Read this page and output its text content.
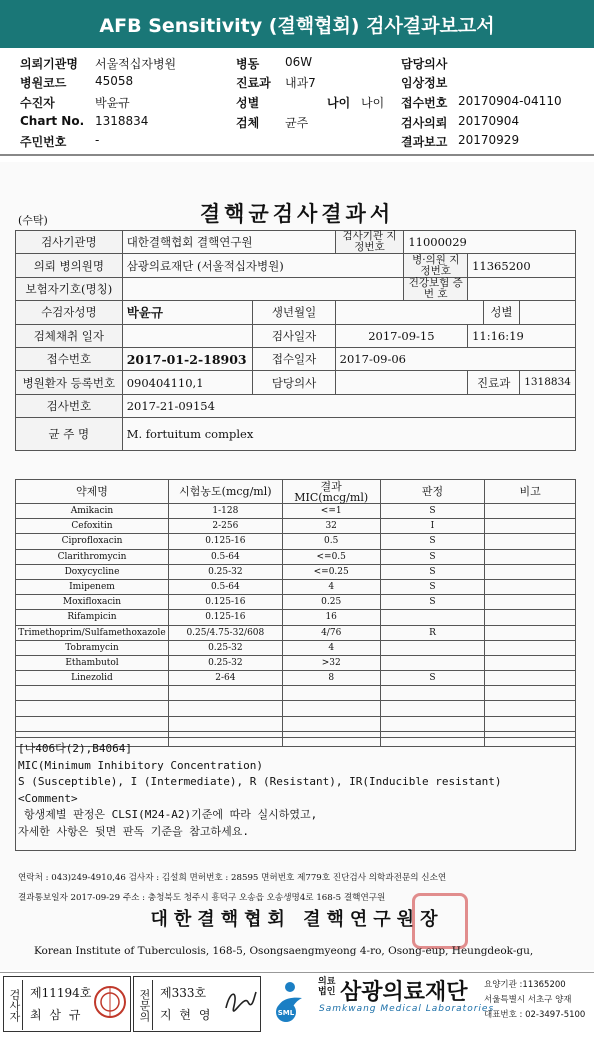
AFB Sensitivity (결핵협회) 검사결과보고서
의뢰기관명 서울적십자병원
병원코드 45058
수진자	박윤규
Chart No. 1318834
주민번호 -
병동 06W
진료과 내과7
성별	나이 나이
검체 균주
담당의사
임상정보
접수번호 20170904-04110
검사의뢰 20170904
결과보고 20170929
(수탁)	결핵균검사결과서
검사기관명	대한결핵협회 결핵연구원		검사기관 지정번호	11000029			
의뢰 병의원명	삼광의료재단 (서울적십자병원)			병·의원 지정번호	11365200		
보험자기호(명칭)				건강보험 증 번 호			
수검자성명	박윤규	생년월일				성별	
검체채취 일자		검사일자	2017-09-15		11:16:19		
접수번호	2017-01-2-18903	접수일자	2017-09-06				
병원환자 등록번호	090404110,1	담당의사			진료과		1318834
검사번호	2017-21-09154						
균 주 명	M. fortuitum complex						
약제명	시험농도(mcg/ml)	결과 MIC(mcg/ml)	판정	비고
Amikacin	1-128	<=1	S	
Cefoxitin	2-256	32	I	
Ciprofloxacin	0.125-16	0.5	S	
Clarithromycin	0.5-64	<=0.5	S	
Doxycycline	0.25-32	<=0.25	S	
Imipenem	0.5-64	4	S	
Moxifloxacin	0.125-16	0.25	S	
Rifampicin	0.125-16	16		
Trimethoprim/Sulfamethoxazole	0.25/4.75-32/608	4/76	R	
Tobramycin	0.25-32	4		
Ethambutol	0.25-32	>32		
Linezolid	2-64	8	S	

[나406다(2),B4064]
MIC(Minimum Inhibitory Concentration)
S (Susceptible), I (Intermediate), R (Resistant), IR(Inducible resistant)
<Comment>
항생제별 판정은 CLSI(M24-A2)기준에 따라 실시하였고,
자세한 사항은 뒷면 판독 기준을 참고하세요.
연락처 : 043)249-4910,46 검사자 : 김설희 면허번호 : 28595 면허번호 제779호 진단검사 의학과전문의 신소연
결과통보일자 2017-09-29 주소 : 충청북도 청주시 흥덕구 오송읍 오송생명4로 168-5 결핵연구원
대한결핵협회 결핵연구원장
Korean Institute of Tuberculosis, 168-5, Osongsaengmyeong 4-ro, Osong-eup, Heungdeok-gu,
검사자 제11194호
최 삼 규	전문의 제333호
지 현 영	SML
의료법인 삼광의료재단
Samkwang Medical Laboratories
요양기관 :11365200
서울특별시 서초구 양재
대표번호 : 02-3497-5100
